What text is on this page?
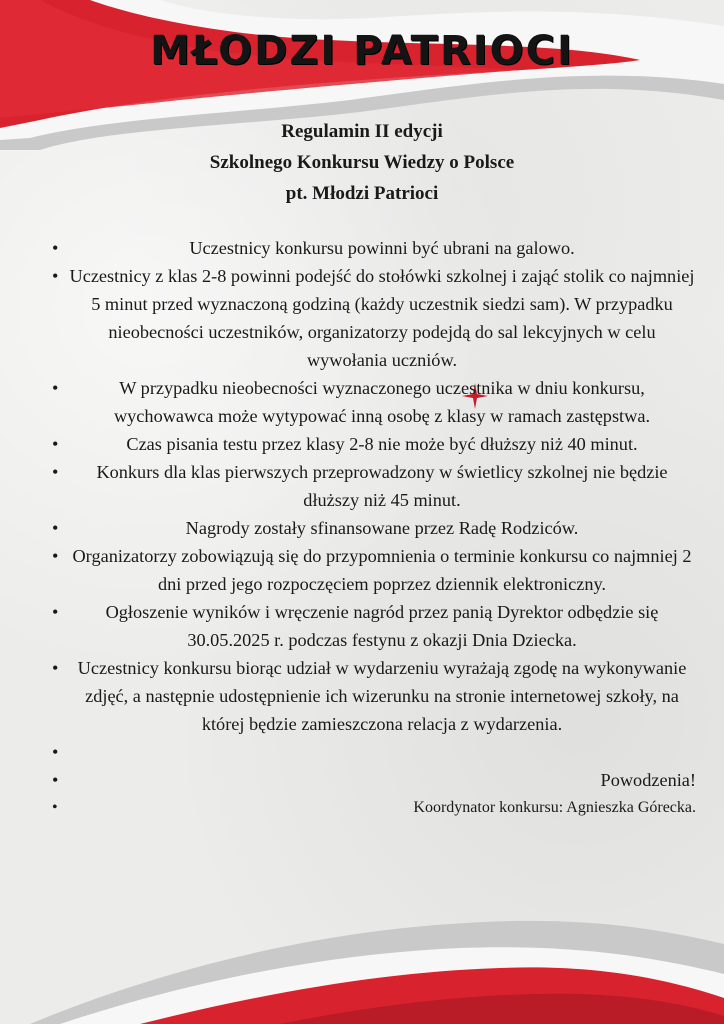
MŁODZI PATRIOCI
Regulamin II edycji
Szkolnego Konkursu Wiedzy o Polsce
pt. Młodzi Patrioci
• Uczestnicy konkursu powinni być ubrani na galowo.
• Uczestnicy z klas 2-8 powinni podejść do stołówki szkolnej i zająć stolik co najmniej 5 minut przed wyznaczoną godziną (każdy uczestnik siedzi sam). W przypadku nieobecności uczestników, organizatorzy podejdą do sal lekcyjnych w celu wywołania uczniów.
• W przypadku nieobecności wyznaczonego uczestnika w dniu konkursu, wychowawca może wytypować inną osobę z klasy w ramach zastępstwa.
• Czas pisania testu przez klasy 2-8 nie może być dłuższy niż 40 minut.
• Konkurs dla klas pierwszych przeprowadzony w świetlicy szkolnej nie będzie dłuższy niż 45 minut.
• Nagrody zostały sfinansowane przez Radę Rodziców.
• Organizatorzy zobowiązują się do przypomnienia o terminie konkursu co najmniej 2 dni przed jego rozpoczęciem poprzez dziennik elektroniczny.
• Ogłoszenie wyników i wręczenie nagród przez panią Dyrektor odbędzie się 30.05.2025 r. podczas festynu z okazji Dnia Dziecka.
• Uczestnicy konkursu biorąc udział w wydarzeniu wyrażają zgodę na wykonywanie zdjęć, a następnie udostępnienie ich wizerunku na stronie internetowej szkoły, na której będzie zamieszczona relacja z wydarzenia.
•
• Powodzenia!
• Koordynator konkursu: Agnieszka Górecka.
